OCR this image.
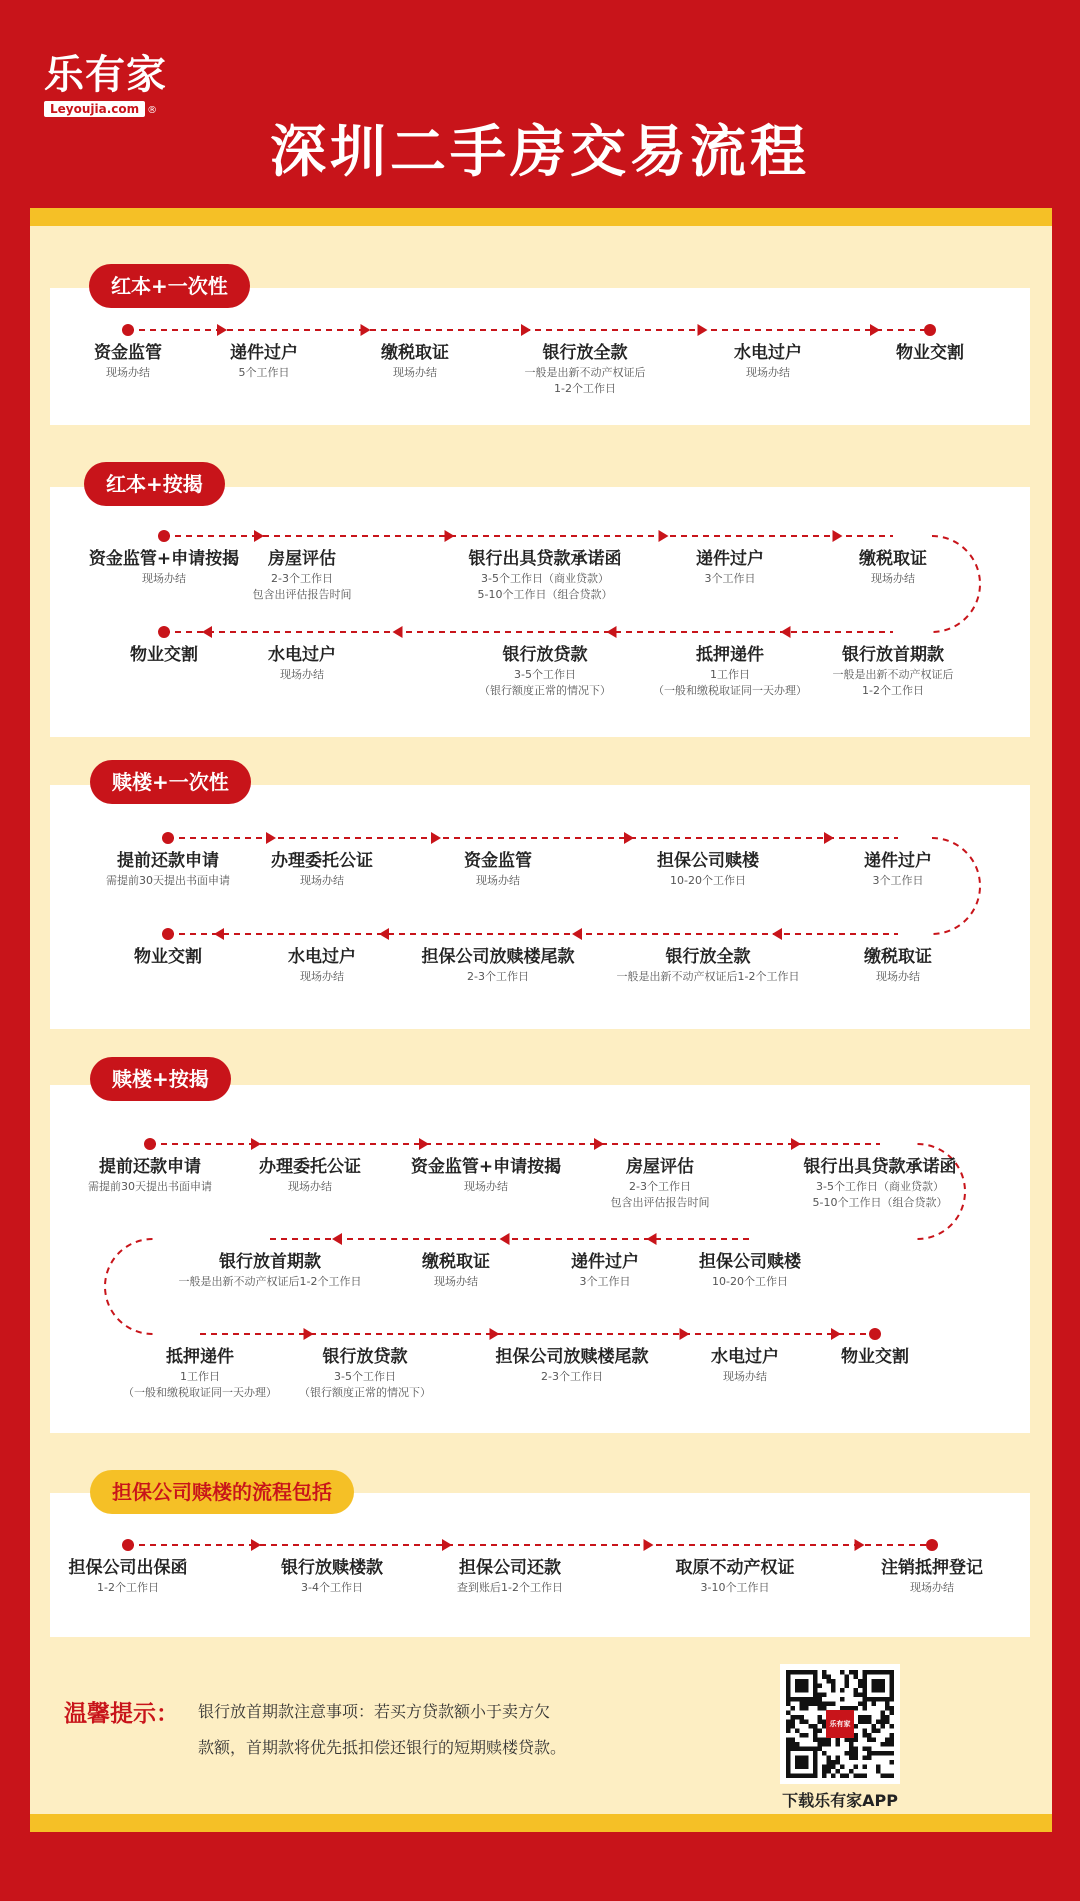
乐有家
Leyoujia.com ®
深圳二手房交易流程
红本+一次性
红本+按揭
赎楼+一次性
赎楼+按揭
担保公司赎楼的流程包括
资金监管
现场办结
递件过户
5个工作日
缴税取证
现场办结
银行放全款
一般是出新不动产权证后
1-2个工作日
水电过户
现场办结
物业交割
资金监管+申请按揭
现场办结
房屋评估
2-3个工作日
包含出评估报告时间
银行出具贷款承诺函
3-5个工作日（商业贷款）
5-10个工作日（组合贷款）
递件过户
3个工作日
缴税取证
现场办结
银行放首期款
一般是出新不动产权证后
1-2个工作日
抵押递件
1工作日
（一般和缴税取证同一天办理）
银行放贷款
3-5个工作日
（银行额度正常的情况下）
水电过户
现场办结
物业交割
提前还款申请
需提前30天提出书面申请
办理委托公证
现场办结
资金监管
现场办结
担保公司赎楼
10-20个工作日
递件过户
3个工作日
缴税取证
现场办结
银行放全款
一般是出新不动产权证后1-2个工作日
担保公司放赎楼尾款
2-3个工作日
水电过户
现场办结
物业交割
提前还款申请
需提前30天提出书面申请
办理委托公证
现场办结
资金监管+申请按揭
现场办结
房屋评估
2-3个工作日
包含出评估报告时间
银行出具贷款承诺函
3-5个工作日（商业贷款）
5-10个工作日（组合贷款）
担保公司赎楼
10-20个工作日
递件过户
3个工作日
缴税取证
现场办结
银行放首期款
一般是出新不动产权证后1-2个工作日
抵押递件
1工作日
（一般和缴税取证同一天办理）
银行放贷款
3-5个工作日
（银行额度正常的情况下）
担保公司放赎楼尾款
2-3个工作日
水电过户
现场办结
物业交割
担保公司出保函
1-2个工作日
银行放赎楼款
3-4个工作日
担保公司还款
查到账后1-2个工作日
取原不动产权证
3-10个工作日
注销抵押登记
现场办结
温馨提示： 银行放首期款注意事项：若买方贷款额小于卖方欠
款额，首期款将优先抵扣偿还银行的短期赎楼贷款。
乐有家
下载乐有家APP
